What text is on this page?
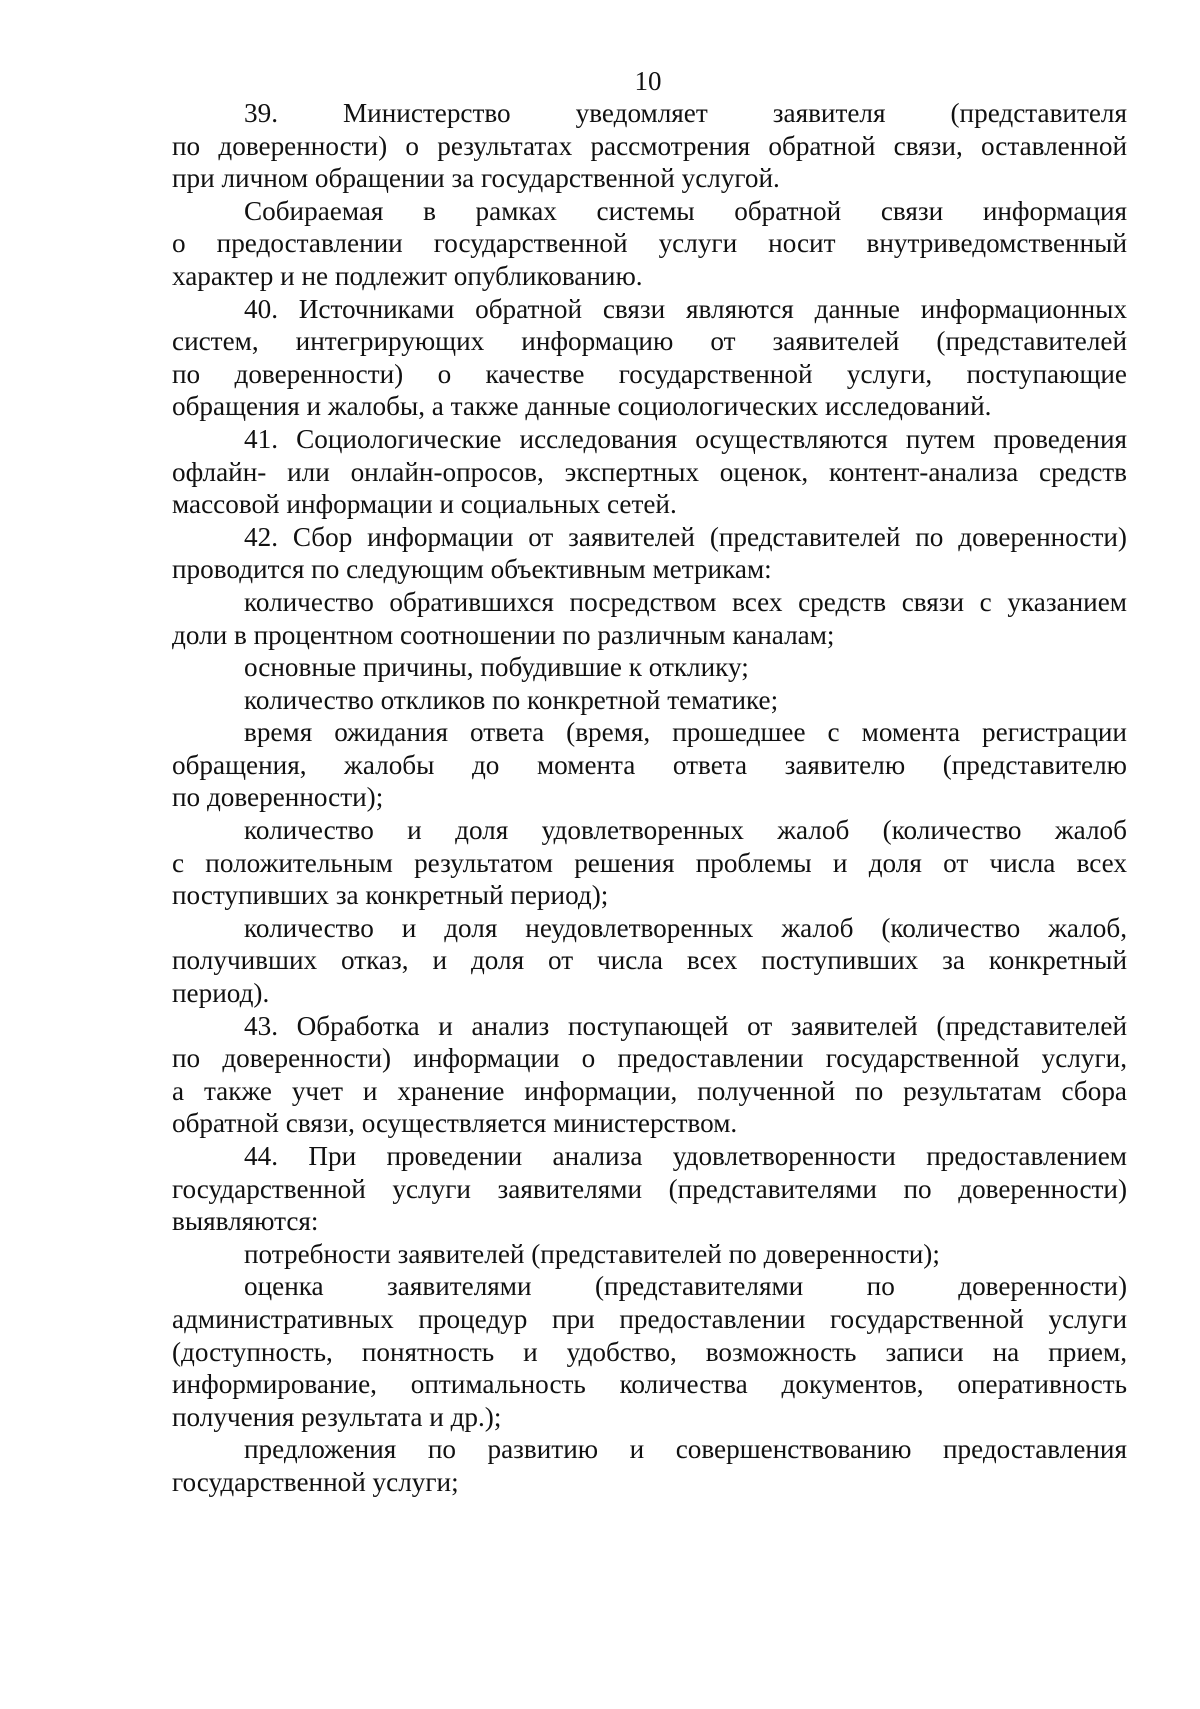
10
39. Министерство уведомляет заявителя (представителя
по доверенности) о результатах рассмотрения обратной связи, оставленной
при личном обращении за государственной услугой.
Собираемая в рамках системы обратной связи информация
о предоставлении государственной услуги носит внутриведомственный
характер и не подлежит опубликованию.
40. Источниками обратной связи являются данные информационных
систем, интегрирующих информацию от заявителей (представителей
по доверенности) о качестве государственной услуги, поступающие
обращения и жалобы, а также данные социологических исследований.
41. Социологические исследования осуществляются путем проведения
офлайн- или онлайн-опросов, экспертных оценок, контент-анализа средств
массовой информации и социальных сетей.
42. Сбор информации от заявителей (представителей по доверенности)
проводится по следующим объективным метрикам:
количество обратившихся посредством всех средств связи с указанием
доли в процентном соотношении по различным каналам;
основные причины, побудившие к отклику;
количество откликов по конкретной тематике;
время ожидания ответа (время, прошедшее с момента регистрации
обращения, жалобы до момента ответа заявителю (представителю
по доверенности);
количество и доля удовлетворенных жалоб (количество жалоб
с положительным результатом решения проблемы и доля от числа всех
поступивших за конкретный период);
количество и доля неудовлетворенных жалоб (количество жалоб,
получивших отказ, и доля от числа всех поступивших за конкретный
период).
43. Обработка и анализ поступающей от заявителей (представителей
по доверенности) информации о предоставлении государственной услуги,
а также учет и хранение информации, полученной по результатам сбора
обратной связи, осуществляется министерством.
44. При проведении анализа удовлетворенности предоставлением
государственной услуги заявителями (представителями по доверенности)
выявляются:
потребности заявителей (представителей по доверенности);
оценка заявителями (представителями по доверенности)
административных процедур при предоставлении государственной услуги
(доступность, понятность и удобство, возможность записи на прием,
информирование, оптимальность количества документов, оперативность
получения результата и др.);
предложения по развитию и совершенствованию предоставления
государственной услуги;
